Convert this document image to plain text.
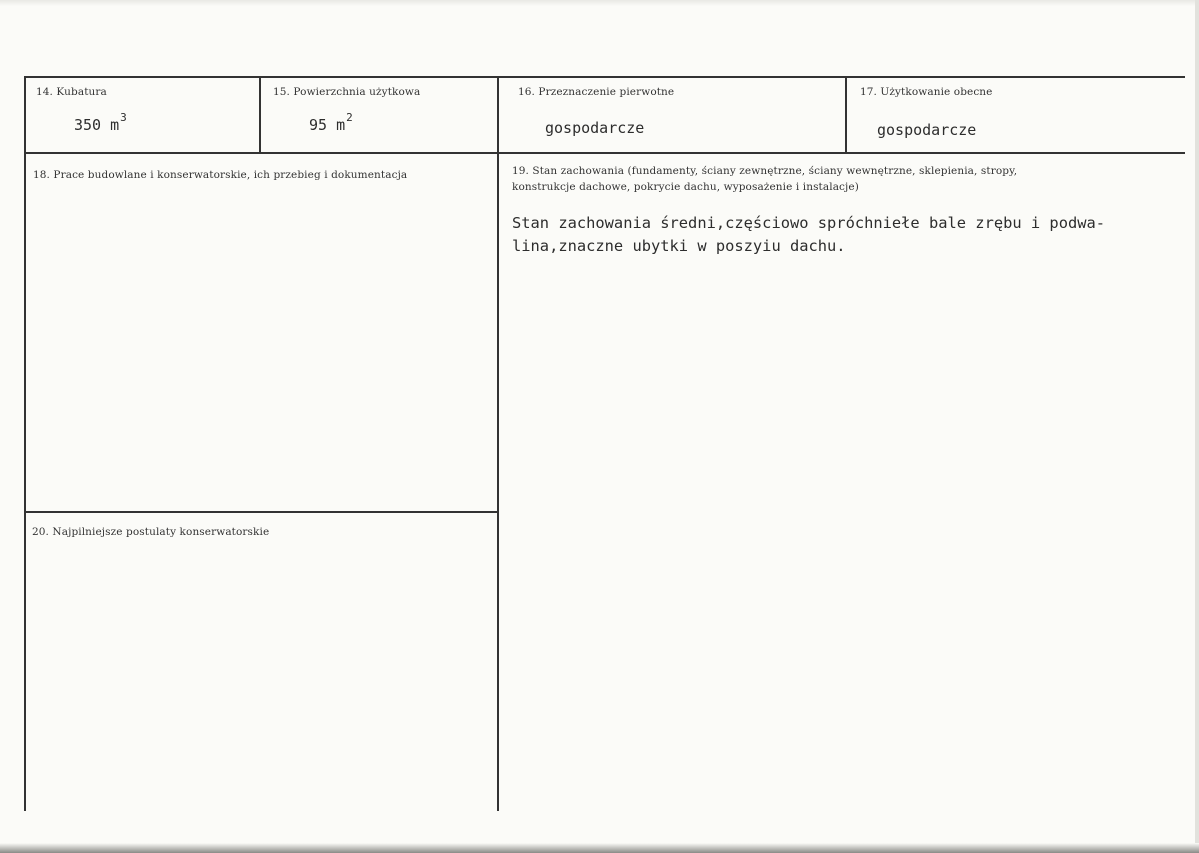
14. Kubatura
350 $m^3$
15. Powierzchnia użytkowa
95 $m^2$
16. Przeznaczenie pierwotne
gospodarcze
17. Użytkowanie obecne
gospodarcze
18. Prace budowlane i konserwatorskie, ich przebieg i dokumentacja	19. Stan zachowania (fundamenty, ściany zewnętrzne, ściany wewnętrzne, sklepienia, stropy,
konstrukcje dachowe, pokrycie dachu, wyposażenie i instalacje)
Stan zachowania średni,częściowo spróchniełe bale zrębu i podwa-
lina,znaczne ubytki w poszyiu dachu.
20. Najpilniejsze postulaty konserwatorskie
